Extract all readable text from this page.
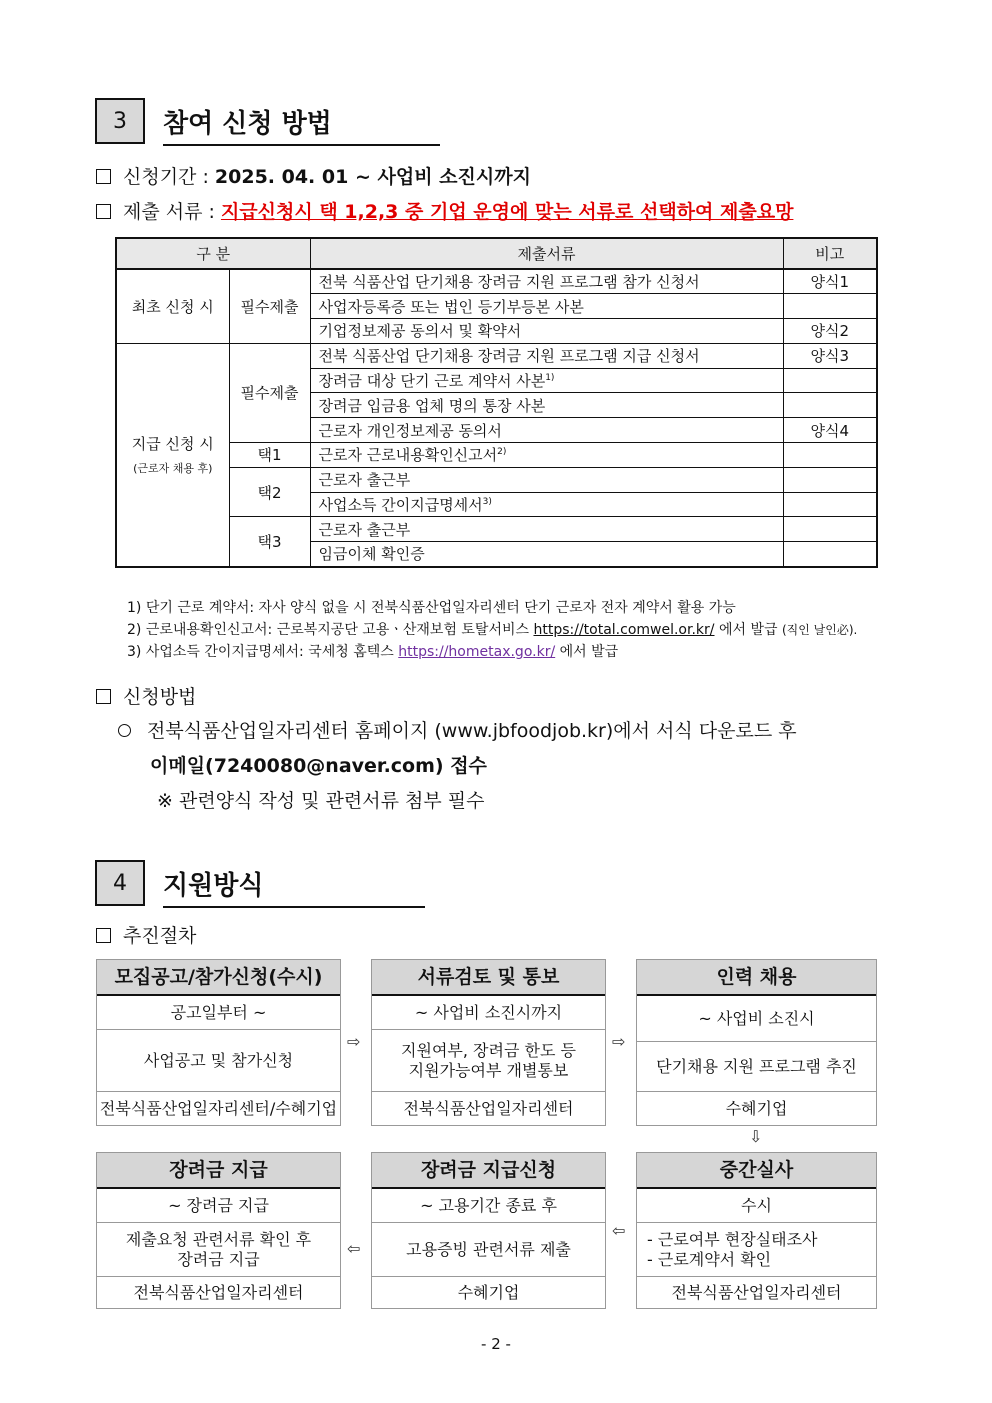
3	참여 신청 방법
신청기간 : 2025. 04. 01 ~ 사업비 소진시까지
제출 서류 : 지급신청시 택 1,2,3 중 기업 운영에 맞는 서류로 선택하여 제출요망
구 분		제출서류	비고
최초 신청 시	필수제출	전북 식품산업 단기채용 장려금 지원 프로그램 참가 신청서	양식1
		사업자등록증 또는 법인 등기부등본 사본	
		기업정보제공 동의서 및 확약서	양식2

지급 신청 시
(근로자 채용 후)	필수제출	전북 식품산업 단기채용 장려금 지원 프로그램 지급 신청서	양식3
		장려금 대상 단기 근로 계약서 사본$^{1)}$	
		장려금 입금용 업체 명의 통장 사본	
		근로자 개인정보제공 동의서	양식4
	택1	근로자 근로내용확인신고서$^{2)}$	
	택2	근로자 출근부	
		사업소득 간이지급명세서$^{3)}$	
	택3	근로자 출근부	
		임금이체 확인증	
1) 단기 근로 계약서: 자사 양식 없을 시 전북식품산업일자리센터 단기 근로자 전자 계약서 활용 가능
2) 근로내용확인신고서: 근로복지공단 고용ㆍ산재보험 토탈서비스 https://total.comwel.or.kr/ 에서 발급 (직인 날인必).
3) 사업소득 간이지급명세서: 국세청 홈텍스 https://hometax.go.kr/ 에서 발급
신청방법
전북식품산업일자리센터 홈페이지 (www.jbfoodjob.kr)에서 서식 다운로드 후
이메일(7240080@naver.com) 접수
※ 관련양식 작성 및 관련서류 첨부 필수
4	지원방식
추진절차
모집공고/참가신청(수시)
공고일부터 ~
사업공고 및 참가신청
전북식품산업일자리센터/수혜기업
⇨
서류검토 및 통보
~ 사업비 소진시까지
지원여부, 장려금 한도 등
지원가능여부 개별통보
전북식품산업일자리센터
⇨
인력 채용
~ 사업비 소진시
단기채용 지원 프로그램 추진
수혜기업
⇩
장려금 지급
~ 장려금 지급
제출요청 관련서류 확인 후
장려금 지급
전북식품산업일자리센터
⇦
장려금 지급신청
~ 고용기간 종료 후
고용증빙 관련서류 제출
수혜기업
⇦
중간실사
수시
- 근로여부 현장실태조사
- 근로계약서 확인
전북식품산업일자리센터
- 2 -
